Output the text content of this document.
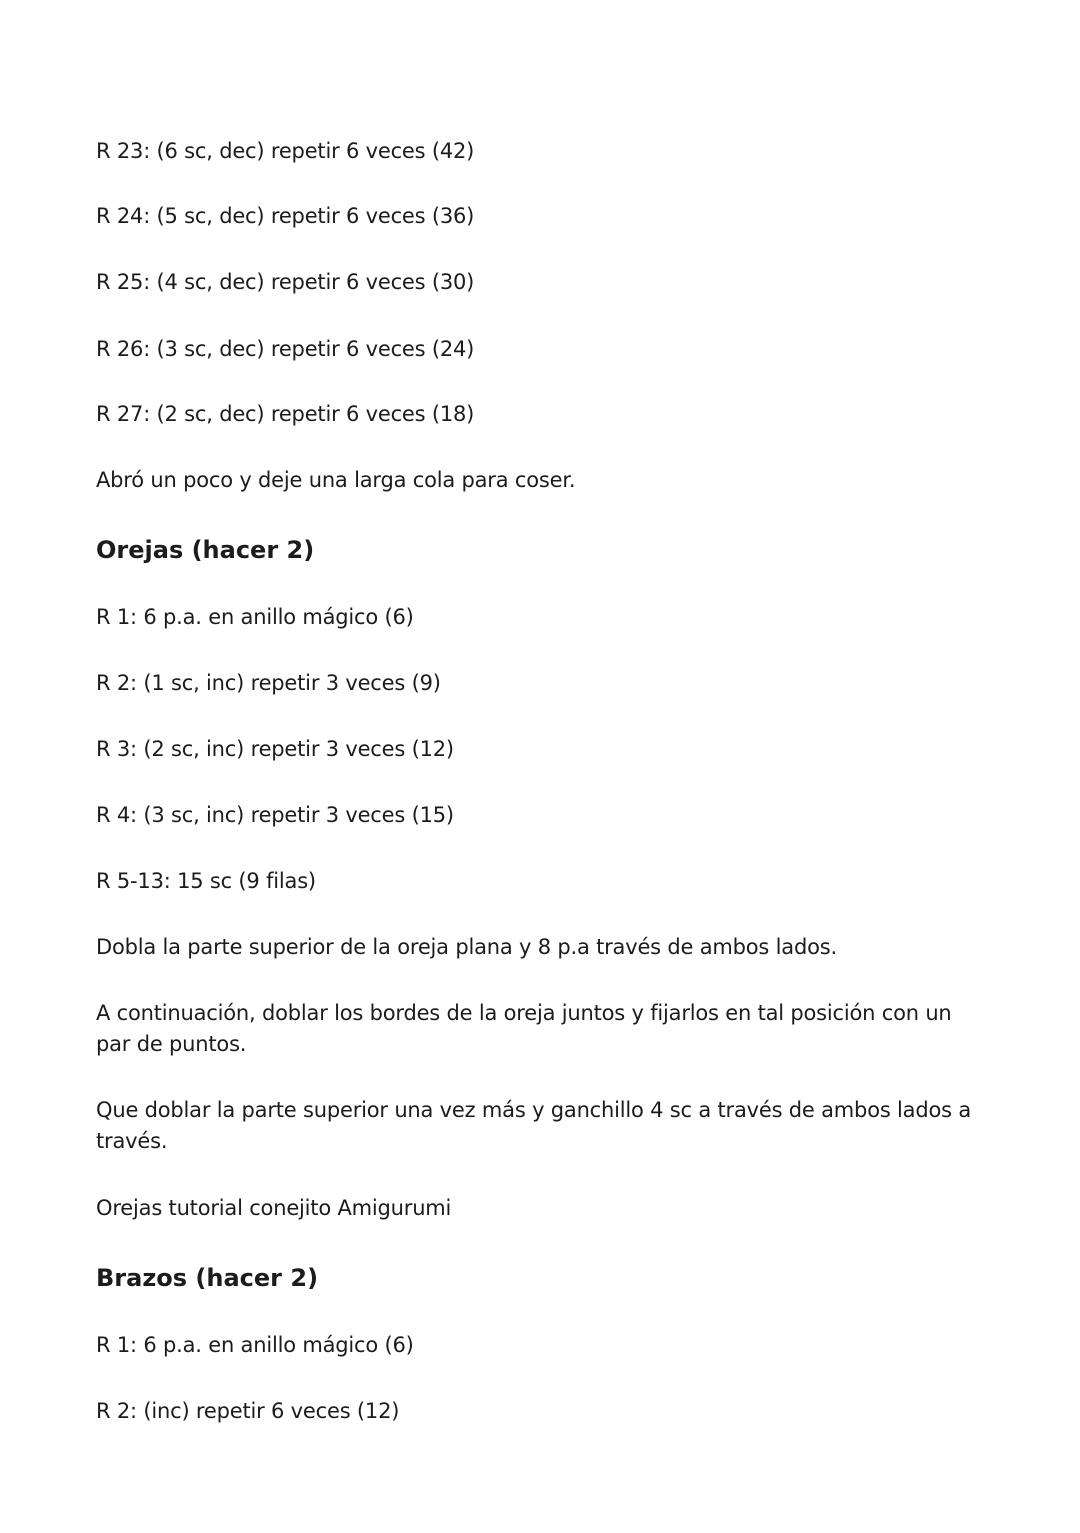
R 23: (6 sc, dec) repetir 6 veces (42)
R 24: (5 sc, dec) repetir 6 veces (36)
R 25: (4 sc, dec) repetir 6 veces (30)
R 26: (3 sc, dec) repetir 6 veces (24)
R 27: (2 sc, dec) repetir 6 veces (18)
Abró un poco y deje una larga cola para coser.
Orejas (hacer 2)
R 1: 6 p.a. en anillo mágico (6)
R 2: (1 sc, inc) repetir 3 veces (9)
R 3: (2 sc, inc) repetir 3 veces (12)
R 4: (3 sc, inc) repetir 3 veces (15)
R 5-13: 15 sc (9 filas)
Dobla la parte superior de la oreja plana y 8 p.a través de ambos lados.
A continuación, doblar los bordes de la oreja juntos y fijarlos en tal posición con un par de puntos.
Que doblar la parte superior una vez más y ganchillo 4 sc a través de ambos lados a través.
Orejas tutorial conejito Amigurumi
Brazos (hacer 2)
R 1: 6 p.a. en anillo mágico (6)
R 2: (inc) repetir 6 veces (12)
